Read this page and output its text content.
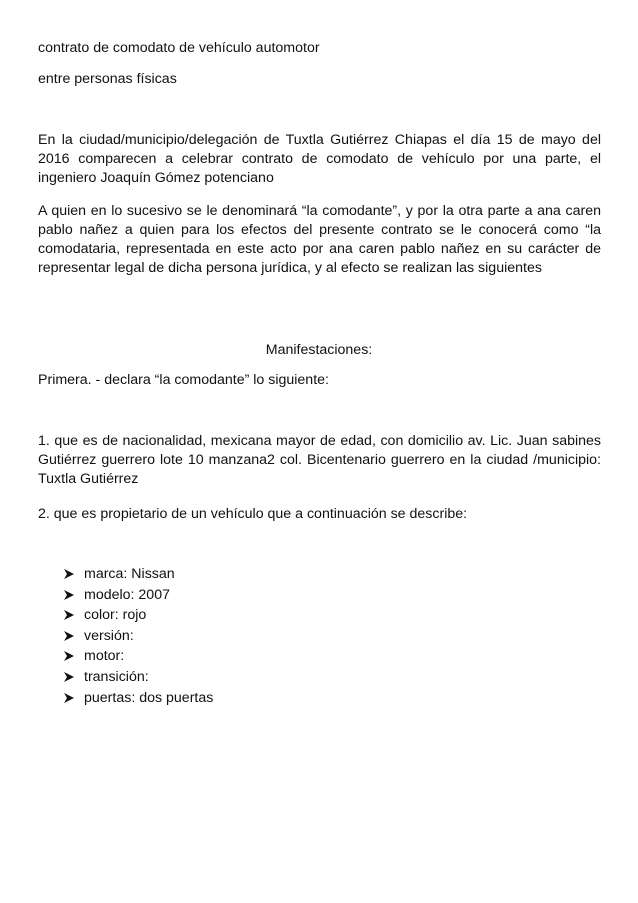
contrato de comodato de vehículo automotor

entre personas físicas

En la ciudad/municipio/delegación de Tuxtla Gutiérrez Chiapas el día 15 de mayo del 2016 comparecen a celebrar contrato de comodato de vehículo por una parte, el ingeniero Joaquín Gómez potenciano

A quien en lo sucesivo se le denominará “la comodante”, y por la otra parte a ana caren pablo nañez a quien para los efectos del presente contrato se le conocerá como “la comodataria, representada en este acto por ana caren pablo nañez en su carácter de representar legal de dicha persona jurídica, y al efecto se realizan las siguientes

Manifestaciones:

Primera. - declara “la comodante” lo siguiente:

1. que es de nacionalidad, mexicana mayor de edad, con domicilio av. Lic. Juan sabines Gutiérrez guerrero lote 10 manzana2 col. Bicentenario guerrero en la ciudad /municipio: Tuxtla Gutiérrez

2. que es propietario de un vehículo que a continuación se describe:

marca: Nissan
modelo: 2007
color: rojo
versión:
motor:
transición:
puertas: dos puertas
